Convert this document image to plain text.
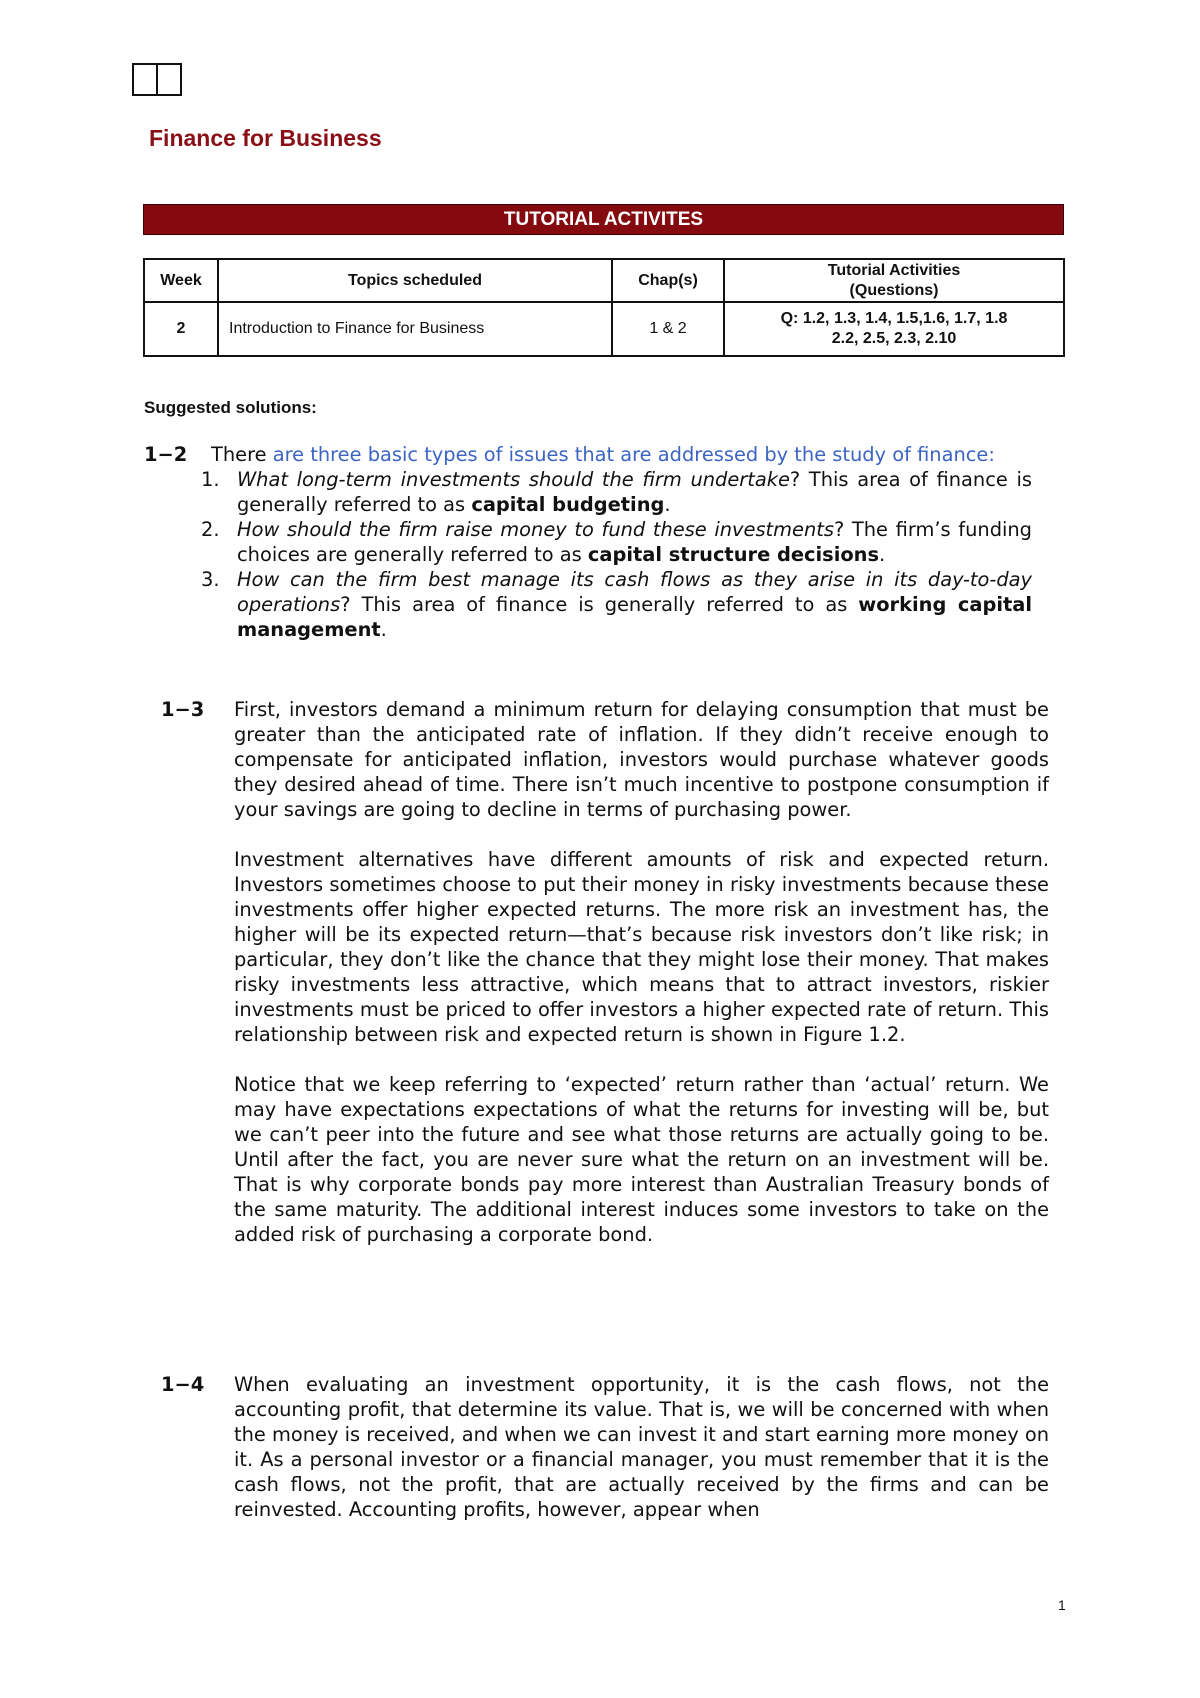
Finance for Business
TUTORIAL ACTIVITES
Week	Topics scheduled	Chap(s)	Tutorial Activities
(Questions)

2	Introduction to Finance for Business	1 & 2	Q: 1.2, 1.3, 1.4, 1.5,1.6, 1.7, 1.8
2.2, 2.5, 2.3, 2.10
Suggested solutions:
1−2 There are three basic types of issues that are addressed by the study of finance:
1. What long-term investments should the firm undertake? This area of finance is generally referred to as capital budgeting.
2. How should the firm raise money to fund these investments? The firm’s funding choices are generally referred to as capital structure decisions.
3. How can the firm best manage its cash flows as they arise in its day-to-day operations? This area of finance is generally referred to as working capital management.
1−3 First, investors demand a minimum return for delaying consumption that must be greater than the anticipated rate of inflation. If they didn’t receive enough to compensate for anticipated inflation, investors would purchase whatever goods they desired ahead of time. There isn’t much incentive to postpone consumption if your savings are going to decline in terms of purchasing power.

Investment alternatives have different amounts of risk and expected return. Investors sometimes choose to put their money in risky investments because these investments offer higher expected returns. The more risk an investment has, the higher will be its expected return—that’s because risk investors don’t like risk; in particular, they don’t like the chance that they might lose their money. That makes risky investments less attractive, which means that to attract investors, riskier investments must be priced to offer investors a higher expected rate of return. This relationship between risk and expected return is shown in Figure 1.2.

Notice that we keep referring to ‘expected’ return rather than ‘actual’ return. We may have expectations expectations of what the returns for investing will be, but we can’t peer into the future and see what those returns are actually going to be. Until after the fact, you are never sure what the return on an investment will be. That is why corporate bonds pay more interest than Australian Treasury bonds of the same maturity. The additional interest induces some investors to take on the added risk of purchasing a corporate bond.

1−4 When evaluating an investment opportunity, it is the cash flows, not the accounting profit, that determine its value. That is, we will be concerned with when the money is received, and when we can invest it and start earning more money on it. As a personal investor or a financial manager, you must remember that it is the cash flows, not the profit, that are actually received by the firms and can be reinvested. Accounting profits, however, appear when

1
